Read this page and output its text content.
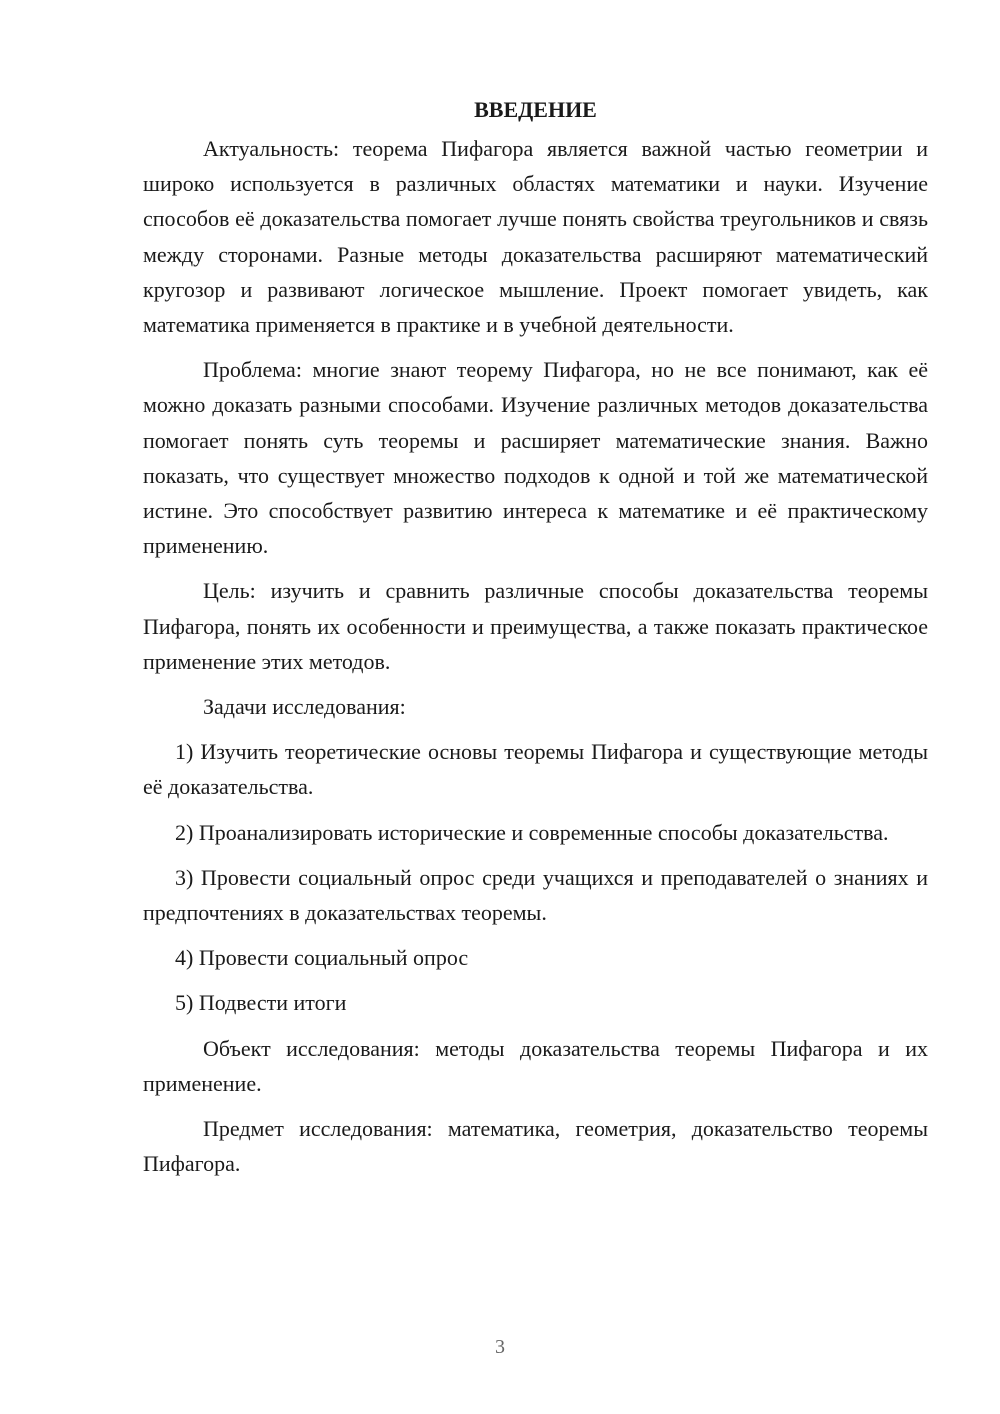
ВВЕДЕНИЕ

Актуальность: теорема Пифагора является важной частью геометрии и широко используется в различных областях математики и науки. Изучение способов её доказательства помогает лучше понять свойства треугольников и связь между сторонами. Разные методы доказательства расширяют математический кругозор и развивают логическое мышление. Проект помогает увидеть, как математика применяется в практике и в учебной деятельности.

Проблема: многие знают теорему Пифагора, но не все понимают, как её можно доказать разными способами. Изучение различных методов доказательства помогает понять суть теоремы и расширяет математические знания. Важно показать, что существует множество подходов к одной и той же математической истине. Это способствует развитию интереса к математике и её практическому применению.

Цель: изучить и сравнить различные способы доказательства теоремы Пифагора, понять их особенности и преимущества, а также показать практическое применение этих методов.

Задачи исследования:

1) Изучить теоретические основы теоремы Пифагора и существующие методы её доказательства.

2) Проанализировать исторические и современные способы доказательства.

3) Провести социальный опрос среди учащихся и преподавателей о знаниях и предпочтениях в доказательствах теоремы.

4) Провести социальный опрос

5) Подвести итоги

Объект исследования: методы доказательства теоремы Пифагора и их применение.

Предмет исследования: математика, геометрия, доказательство теоремы Пифагора.

3
